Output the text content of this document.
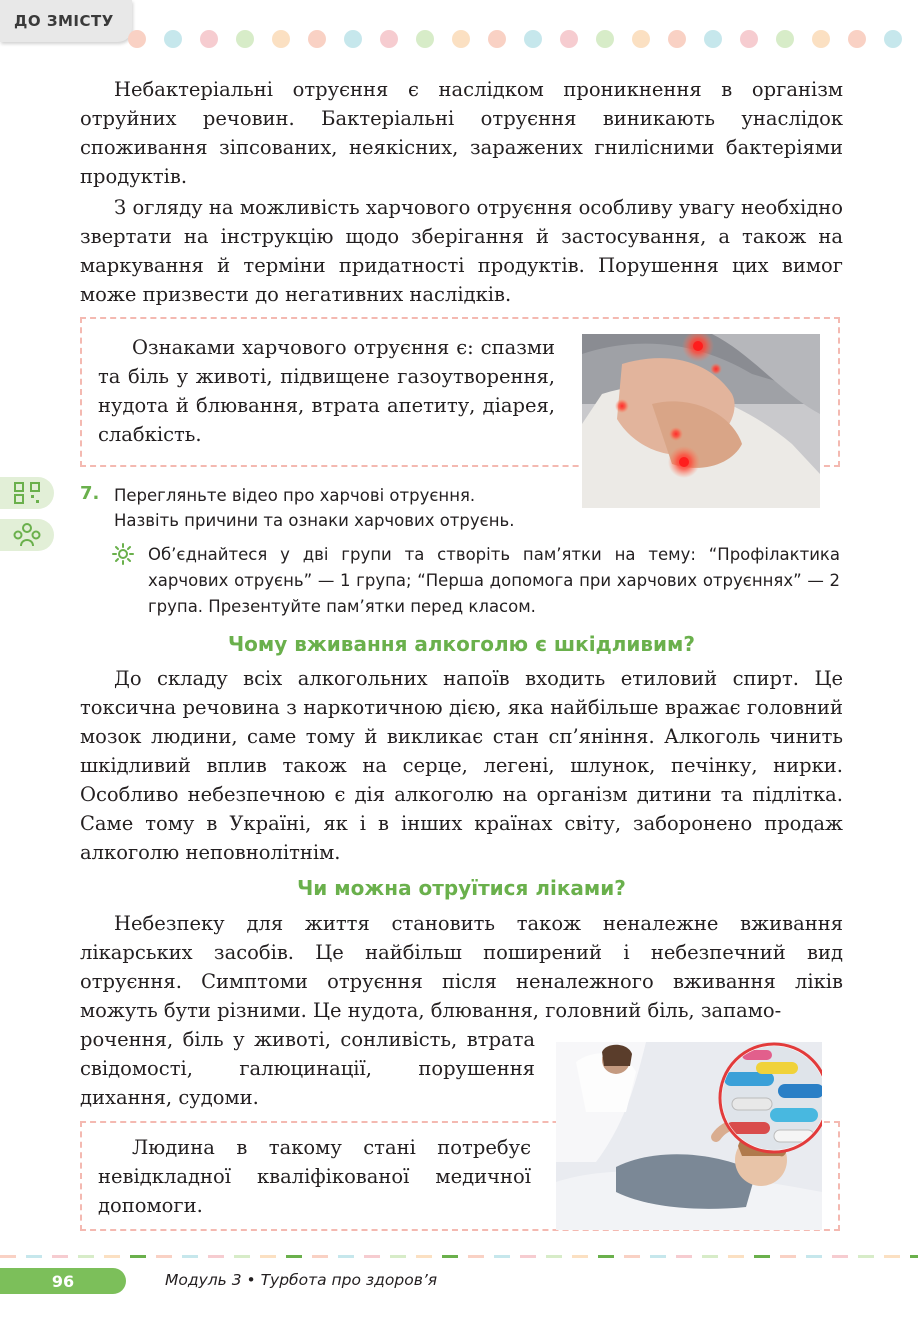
ДО ЗМІСТУ

Небактеріальні отруєння є наслідком проникнення в організм отруйних речовин. Бактеріальні отруєння виникають унаслідок споживання зіпсованих, неякісних, заражених гнилісними бактеріями продуктів.

З огляду на можливість харчового отруєння особливу увагу необхідно звертати на інструкцію щодо зберігання й застосування, а також на маркування й терміни придатності продуктів. Порушення цих вимог може призвести до негативних наслідків.

Ознаками харчового отруєння є: спазми та біль у животі, підвищене газоутворення, нудота й блювання, втрата апетиту, діарея, слабкість.

7. Перегляньте відео про харчові отруєння.
Назвіть причини та ознаки харчових отруєнь.

Об’єднайтеся у дві групи та створіть пам’ятки на тему: “Профілактика харчових отруєнь” — 1 група; “Перша допомога при харчових отруєннях” — 2 група. Презентуйте пам’ятки перед класом.

Чому вживання алкоголю є шкідливим?

До складу всіх алкогольних напоїв входить етиловий спирт. Це токсична речовина з наркотичною дією, яка найбільше вражає головний мозок людини, саме тому й викликає стан сп’яніння. Алкоголь чинить шкідливий вплив також на серце, легені, шлунок, печінку, нирки. Особливо небезпечною є дія алкоголю на організм дитини та підлітка. Саме тому в Україні, як і в інших країнах світу, заборонено продаж алкоголю неповнолітнім.

Чи можна отруїтися ліками?

Небезпеку для життя становить також неналежне вживання лікарських засобів. Це найбільш поширений і небезпечний вид отруєння. Симптоми отруєння після неналежного вживання ліків можуть бути різними. Це нудота, блювання, головний біль, запамо-

рочення, біль у животі, сонливість, втрата свідомості, галюцинації, порушення дихання, судоми.

Людина в такому стані потребує невідкладної кваліфікованої медичної допомоги.

96	Модуль 3 • Турбота про здоров’я
